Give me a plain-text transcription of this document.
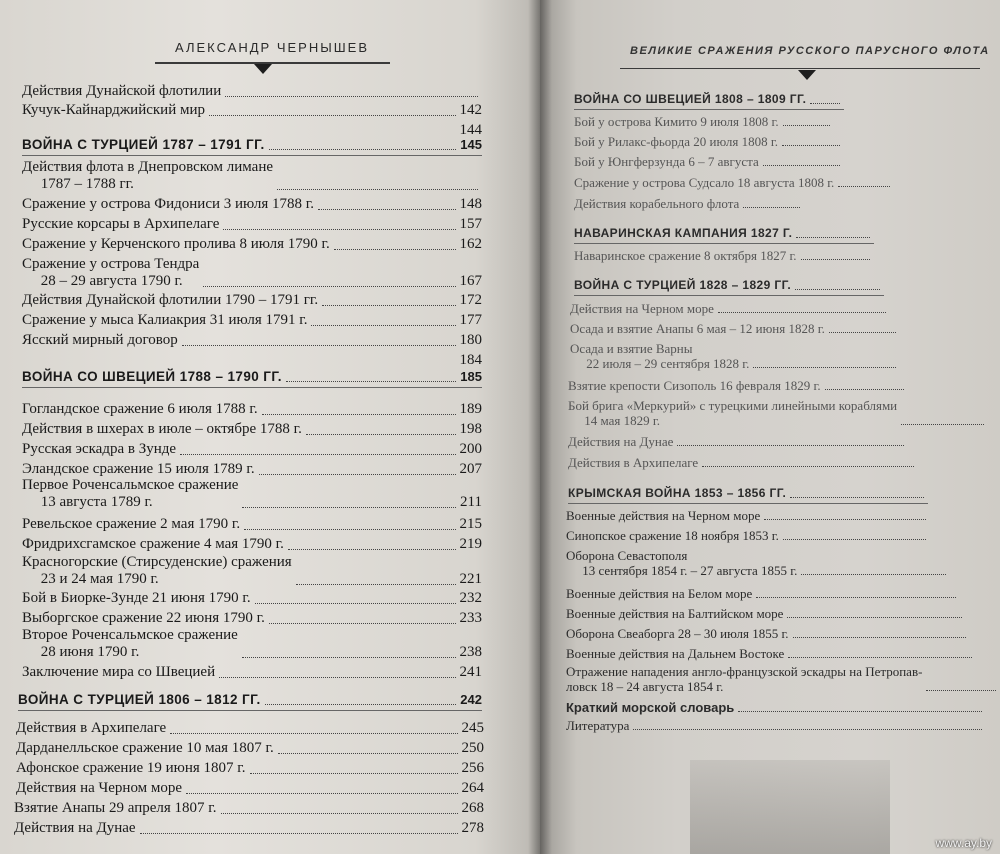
АЛЕКСАНДР ЧЕРНЫШЕВ
Действия Дунайской флотилии
Кучук-Кайнарджийский мир	142
144
ВОЙНА С ТУРЦИЕЙ 1787 – 1791 ГГ.	145
Действия флота в Днепровском лимане
1787 – 1788 гг.
Сражение у острова Фидониси 3 июля 1788 г.	148
Русские корсары в Архипелаге	157
Сражение у Керченского пролива 8 июля 1790 г.	162
Сражение у острова Тендра
28 – 29 августа 1790 г.	167
Действия Дунайской флотилии 1790 – 1791 гг.	172
Сражение у мыса Калиакрия 31 июля 1791 г.	177
Ясский мирный договор	180
184
ВОЙНА СО ШВЕЦИЕЙ 1788 – 1790 ГГ.	185
Гогландское сражение 6 июля 1788 г.	189
Действия в шхерах в июле – октябре 1788 г.	198
Русская эскадра в Зунде	200
Эландское сражение 15 июля 1789 г.	207
Первое Роченсальмское сражение
13 августа 1789 г.	211
Ревельское сражение 2 мая 1790 г.	215
Фридрихсгамское сражение 4 мая 1790 г.	219
Красногорские (Стирсуденские) сражения
23 и 24 мая 1790 г.	221
Бой в Биорке-Зунде 21 июня 1790 г.	232
Выборгское сражение 22 июня 1790 г.	233
Второе Роченсальмское сражение
28 июня 1790 г.	238
Заключение мира со Швецией	241
ВОЙНА С ТУРЦИЕЙ 1806 – 1812 ГГ.	242
Действия в Архипелаге	245
Дарданелльское сражение 10 мая 1807 г.	250
Афонское сражение 19 июня 1807 г.	256
Действия на Черном море	264
Взятие Анапы 29 апреля 1807 г.	268
Действия на Дунае	278
ВЕЛИКИЕ СРАЖЕНИЯ РУССКОГО ПАРУСНОГО ФЛОТА
ВОЙНА СО ШВЕЦИЕЙ 1808 – 1809 ГГ.
Бой у острова Кимито 9 июля 1808 г.
Бой у Рилакс-фьорда 20 июля 1808 г.
Бой у Юнгферзунда 6 – 7 августа
Сражение у острова Судсало 18 августа 1808 г.
Действия корабельного флота
НАВАРИНСКАЯ КАМПАНИЯ 1827 Г.
Наваринское сражение 8 октября 1827 г.
ВОЙНА С ТУРЦИЕЙ 1828 – 1829 ГГ.
Действия на Черном море
Осада и взятие Анапы 6 мая – 12 июня 1828 г.
Осада и взятие Варны
22 июля – 29 сентября 1828 г.
Взятие крепости Сизополь 16 февраля 1829 г.
Бой брига «Меркурий» с турецкими линейными кораблями
14 мая 1829 г.
Действия на Дунае
Действия в Архипелаге
КРЫМСКАЯ ВОЙНА 1853 – 1856 ГГ.
Военные действия на Черном море
Синопское сражение 18 ноября 1853 г.
Оборона Севастополя
13 сентября 1854 г. – 27 августа 1855 г.
Военные действия на Белом море
Военные действия на Балтийском море
Оборона Свеаборга 28 – 30 июля 1855 г.
Военные действия на Дальнем Востоке
Отражение нападения англо-французской эскадры на Петропав-
ловск 18 – 24 августа 1854 г.
Краткий морской словарь
Литература
www.ay.by
